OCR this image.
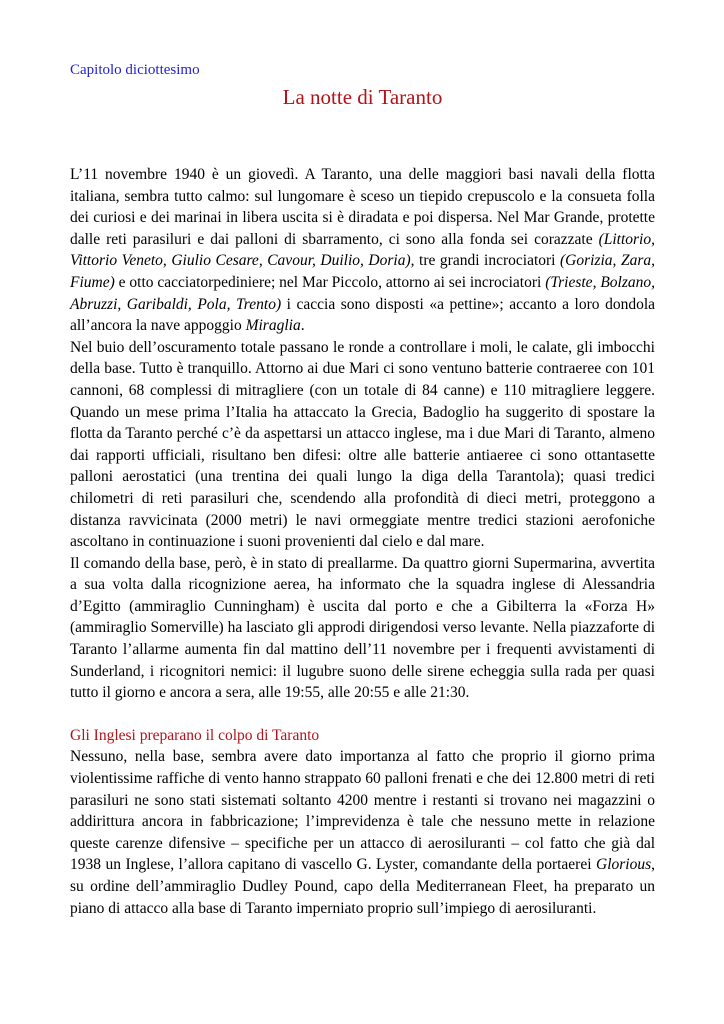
Capitolo diciottesimo

La notte di Taranto

L’11 novembre 1940 è un giovedì. A Taranto, una delle maggiori basi navali della flotta italiana, sembra tutto calmo: sul lungomare è sceso un tiepido crepuscolo e la consueta folla dei curiosi e dei marinai in libera uscita si è diradata e poi dispersa. Nel Mar Grande, protette dalle reti parasiluri e dai palloni di sbarramento, ci sono alla fonda sei corazzate (Littorio, Vittorio Veneto, Giulio Cesare, Cavour, Duilio, Doria), tre grandi incrociatori (Gorizia, Zara, Fiume) e otto cacciatorpediniere; nel Mar Piccolo, attorno ai sei incrociatori (Trieste, Bolzano, Abruzzi, Garibaldi, Pola, Trento) i caccia sono disposti «a pettine»; accanto a loro dondola all’ancora la nave appoggio Miraglia.

Nel buio dell’oscuramento totale passano le ronde a controllare i moli, le calate, gli imbocchi della base. Tutto è tranquillo. Attorno ai due Mari ci sono ventuno batterie contraeree con 101 cannoni, 68 complessi di mitragliere (con un totale di 84 canne) e 110 mitragliere leggere. Quando un mese prima l’Italia ha attaccato la Grecia, Badoglio ha suggerito di spostare la flotta da Taranto perché c’è da aspettarsi un attacco inglese, ma i due Mari di Taranto, almeno dai rapporti ufficiali, risultano ben difesi: oltre alle batterie antiaeree ci sono ottantasette palloni aerostatici (una trentina dei quali lungo la diga della Tarantola); quasi tredici chilometri di reti parasiluri che, scendendo alla profondità di dieci metri, proteggono a distanza ravvicinata (2000 metri) le navi ormeggiate mentre tredici stazioni aerofoniche ascoltano in continuazione i suoni provenienti dal cielo e dal mare.

Il comando della base, però, è in stato di preallarme. Da quattro giorni Supermarina, avvertita a sua volta dalla ricognizione aerea, ha informato che la squadra inglese di Alessandria d’Egitto (ammiraglio Cunningham) è uscita dal porto e che a Gibilterra la «Forza H» (ammiraglio Somerville) ha lasciato gli approdi dirigendosi verso levante. Nella piazzaforte di Taranto l’allarme aumenta fin dal mattino dell’11 novembre per i frequenti avvistamenti di Sunderland, i ricognitori nemici: il lugubre suono delle sirene echeggia sulla rada per quasi tutto il giorno e ancora a sera, alle 19:55, alle 20:55 e alle 21:30.

Gli Inglesi preparano il colpo di Taranto

Nessuno, nella base, sembra avere dato importanza al fatto che proprio il giorno prima violentissime raffiche di vento hanno strappato 60 palloni frenati e che dei 12.800 metri di reti parasiluri ne sono stati sistemati soltanto 4200 mentre i restanti si trovano nei magazzini o addirittura ancora in fabbricazione; l’imprevidenza è tale che nessuno mette in relazione queste carenze difensive – specifiche per un attacco di aerosiluranti – col fatto che già dal 1938 un Inglese, l’allora capitano di vascello G. Lyster, comandante della portaerei Glorious, su ordine dell’ammiraglio Dudley Pound, capo della Mediterranean Fleet, ha preparato un piano di attacco alla base di Taranto imperniato proprio sull’impiego di aerosiluranti.
